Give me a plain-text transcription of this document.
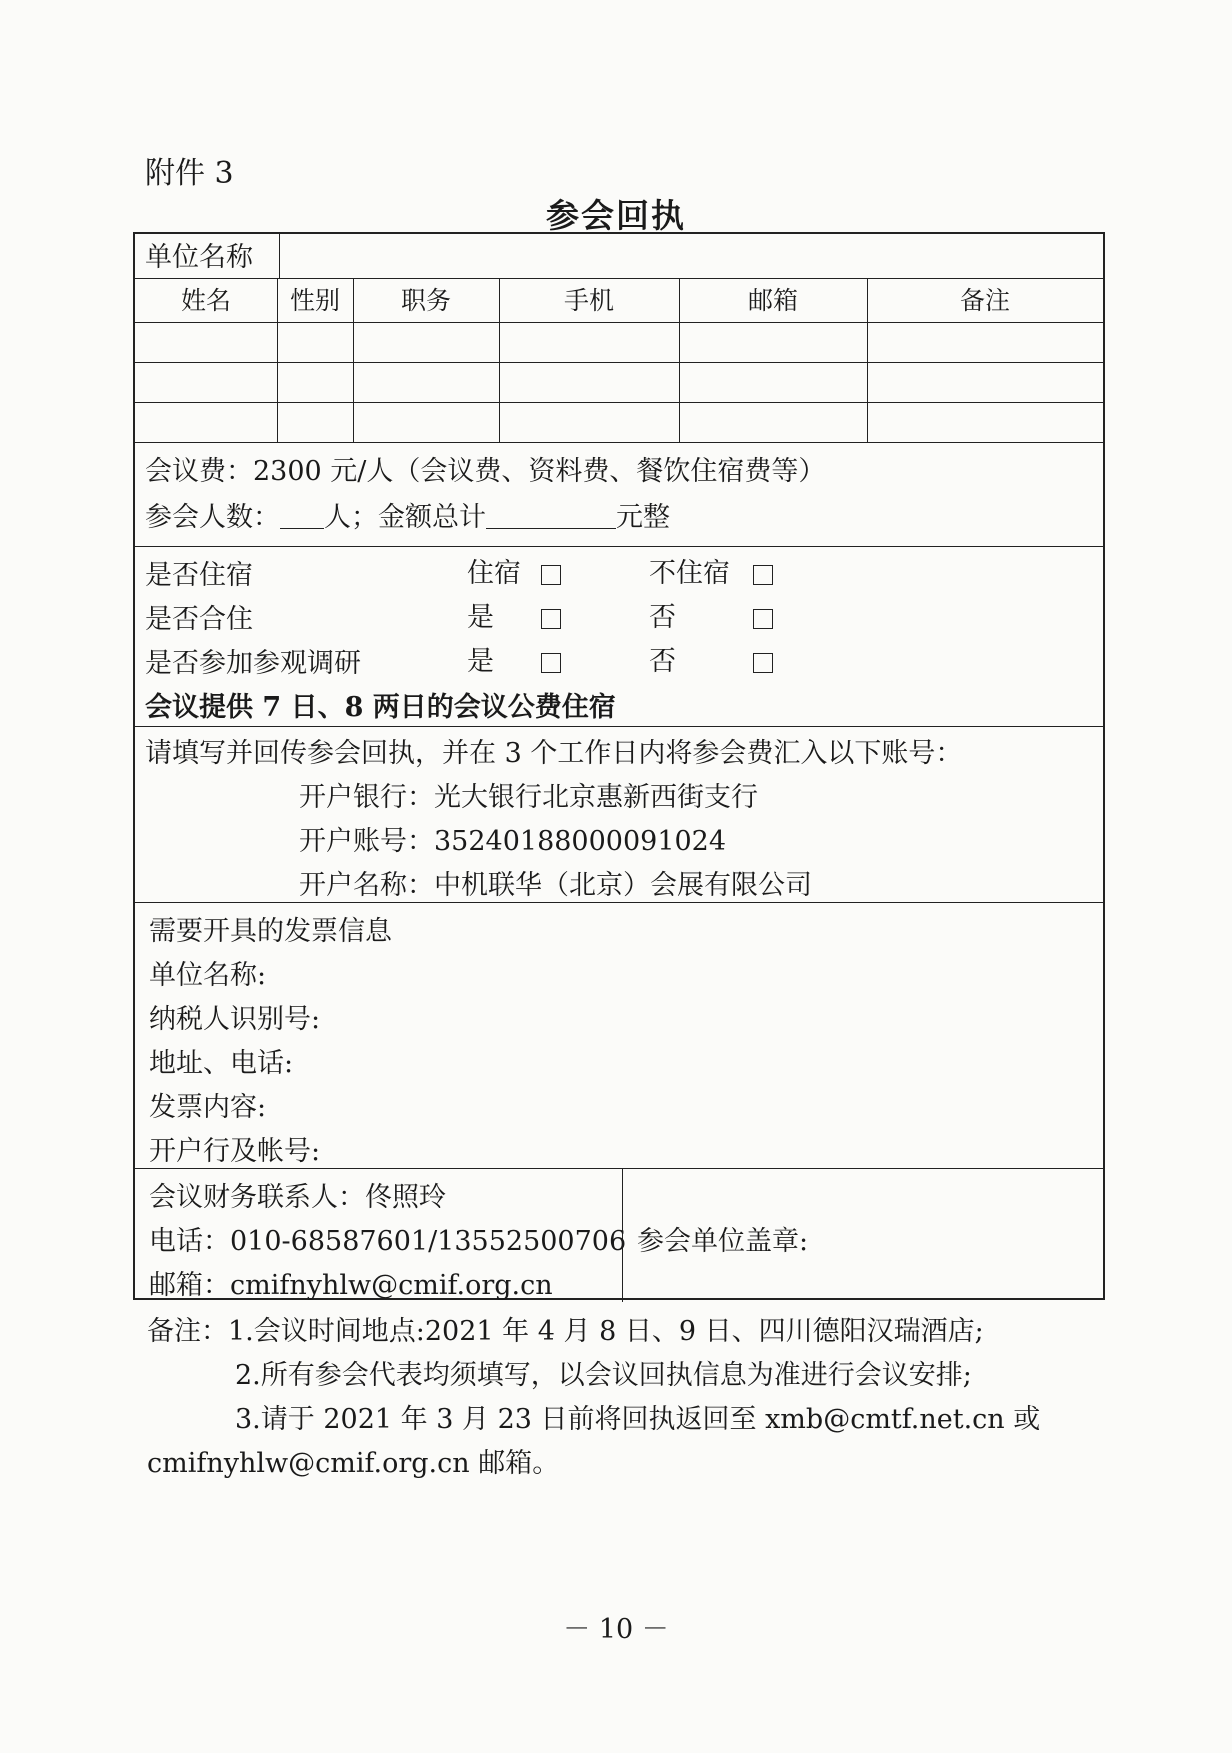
附件 3
参会回执
单位名称
姓名	性别	职务	手机	邮箱	备注
会议费：2300 元/人（会议费、资料费、餐饮住宿费等）
参会人数： 人；金额总计	元整
是否住宿	住宿	不住宿
是否合住	是	否
是否参加参观调研	是	否
会议提供 7 日、8 两日的会议公费住宿
请填写并回传参会回执，并在 3 个工作日内将参会费汇入以下账号：
开户银行：光大银行北京惠新西街支行
开户账号：35240188000091024
开户名称：中机联华（北京）会展有限公司
需要开具的发票信息
单位名称:
纳税人识别号:
地址、电话:
发票内容:
开户行及帐号:
会议财务联系人：佟照玲
电话：010-68587601/13552500706
邮箱：cmifnyhlw@cmif.org.cn
参会单位盖章:
备注：1.会议时间地点:2021 年 4 月 8 日、9 日、四川德阳汉瑞酒店;
2.所有参会代表均须填写，以会议回执信息为准进行会议安排;
3.请于 2021 年 3 月 23 日前将回执返回至 xmb@cmtf.net.cn 或
cmifnyhlw@cmif.org.cn 邮箱。
－ 10 －
